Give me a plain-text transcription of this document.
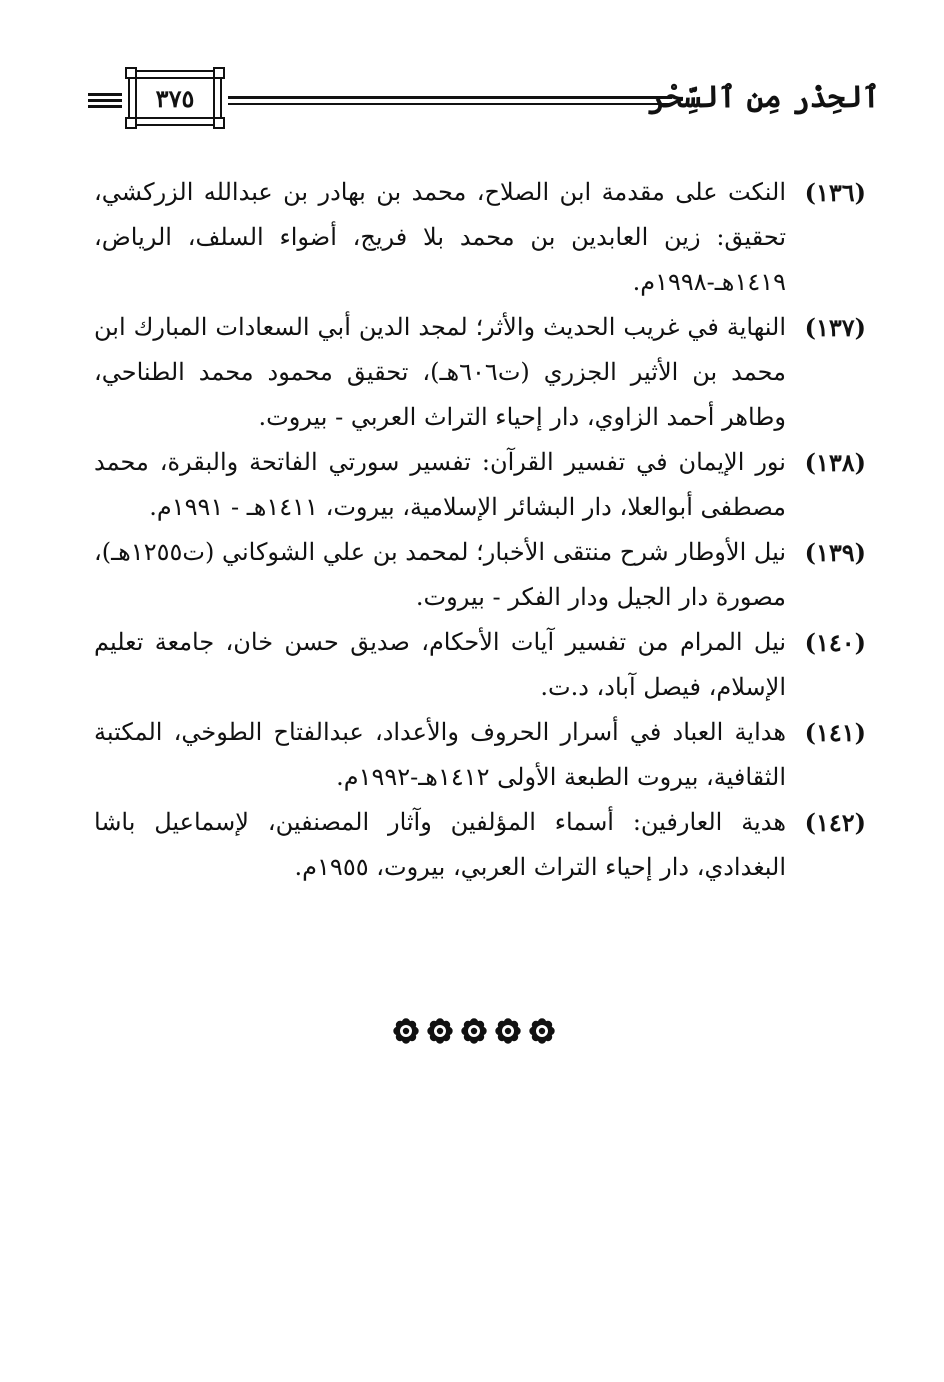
٣٧٥	ٱلحِذْر مِن ٱلسِّحْر

(١٣٦)
النكت على مقدمة ابن الصلاح، محمد بن بهادر بن عبدالله الزركشي، تحقيق: زين العابدين بن محمد بلا فريج، أضواء السلف، الرياض، ١٤١٩هـ-١٩٩٨م.

(١٣٧)
النهاية في غريب الحديث والأثر؛ لمجد الدين أبي السعادات المبارك ابن محمد بن الأثير الجزري (ت٦٠٦هـ)، تحقيق محمود محمد الطناحي، وطاهر أحمد الزاوي، دار إحياء التراث العربي - بيروت.

(١٣٨)
نور الإيمان في تفسير القرآن: تفسير سورتي الفاتحة والبقرة، محمد مصطفى أبوالعلا، دار البشائر الإسلامية، بيروت، ١٤١١هـ - ١٩٩١م.

(١٣٩)
نيل الأوطار شرح منتقى الأخبار؛ لمحمد بن علي الشوكاني (ت١٢٥٥هـ)، مصورة دار الجيل ودار الفكر - بيروت.

(١٤٠)
نيل المرام من تفسير آيات الأحكام، صديق حسن خان، جامعة تعليم الإسلام، فيصل آباد، د.ت.

(١٤١)
هداية العباد في أسرار الحروف والأعداد، عبدالفتاح الطوخي، المكتبة الثقافية، بيروت الطبعة الأولى ١٤١٢هـ-١٩٩٢م.

(١٤٢)
هدية العارفين: أسماء المؤلفين وآثار المصنفين، لإسماعيل باشا البغدادي، دار إحياء التراث العربي، بيروت، ١٩٥٥م.
